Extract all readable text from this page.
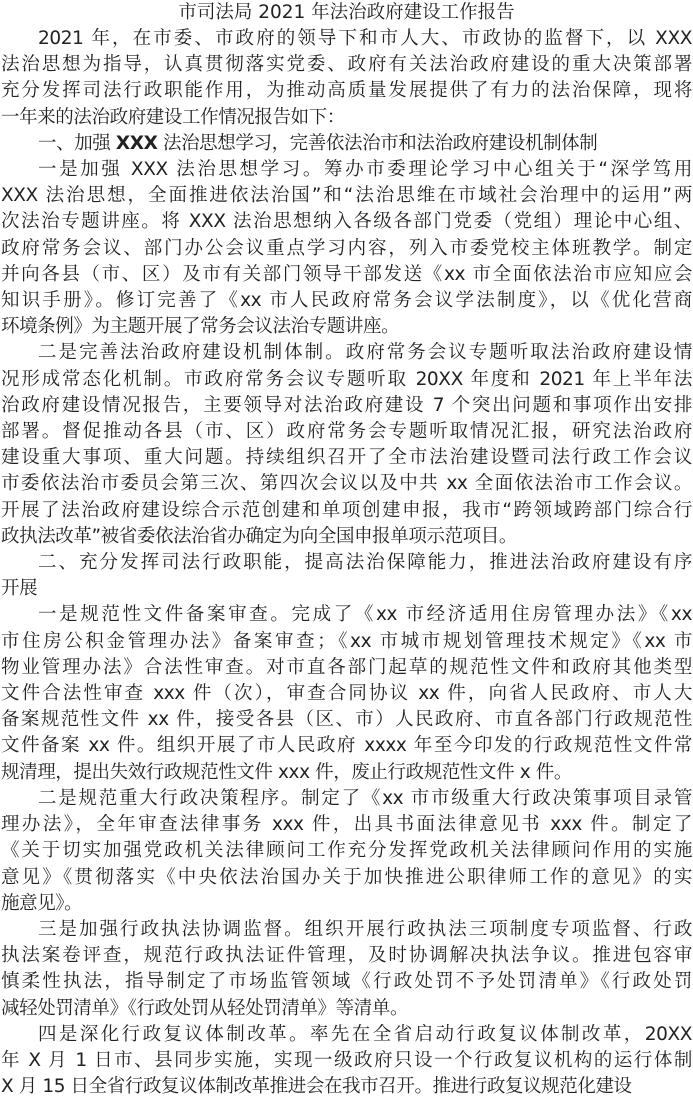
市司法局 2021 年法治政府建设工作报告

2021 年，在市委、市政府的领导下和市人大、市政协的监督下，以 XXX
法治思想为指导，认真贯彻落实党委、政府有关法治政府建设的重大决策部署
充分发挥司法行政职能作用，为推动高质量发展提供了有力的法治保障，现将
一年来的法治政府建设工作情况报告如下：

一、加强 XXX 法治思想学习，完善依法治市和法治政府建设机制体制

一是加强 XXX 法治思想学习。筹办市委理论学习中心组关于“深学笃用
XXX 法治思想，全面推进依法治国”和“法治思维在市域社会治理中的运用”两
次法治专题讲座。将 XXX 法治思想纳入各级各部门党委（党组）理论中心组、
政府常务会议、部门办公会议重点学习内容，列入市委党校主体班教学。制定
并向各县（市、区）及市有关部门领导干部发送《xx 市全面依法治市应知应会
知识手册》。修订完善了《xx 市人民政府常务会议学法制度》，以《优化营商
环境条例》为主题开展了常务会议法治专题讲座。

二是完善法治政府建设机制体制。政府常务会议专题听取法治政府建设情
况形成常态化机制。市政府常务会议专题听取 20XX 年度和 2021 年上半年法
治政府建设情况报告，主要领导对法治政府建设 7 个突出问题和事项作出安排
部署。督促推动各县（市、区）政府常务会专题听取情况汇报，研究法治政府
建设重大事项、重大问题。持续组织召开了全市法治建设暨司法行政工作会议
市委依法治市委员会第三次、第四次会议以及中共 xx 全面依法治市工作会议。
开展了法治政府建设综合示范创建和单项创建申报，我市“跨领域跨部门综合行
政执法改革”被省委依法治省办确定为向全国申报单项示范项目。

二、充分发挥司法行政职能，提高法治保障能力，推进法治政府建设有序
开展

一是规范性文件备案审查。完成了《xx 市经济适用住房管理办法》《xx
市住房公积金管理办法》备案审查；《xx 市城市规划管理技术规定》《xx 市
物业管理办法》合法性审查。对市直各部门起草的规范性文件和政府其他类型
文件合法性审查 xxx 件（次），审查合同协议 xx 件，向省人民政府、市人大
备案规范性文件 xx 件，接受各县（区、市）人民政府、市直各部门行政规范性
文件备案 xx 件。组织开展了市人民政府 xxxx 年至今印发的行政规范性文件常
规清理，提出失效行政规范性文件 xxx 件，废止行政规范性文件 x 件。

二是规范重大行政决策程序。制定了《xx 市市级重大行政决策事项目录管
理办法》，全年审查法律事务 xxx 件，出具书面法律意见书 xxx 件。制定了
《关于切实加强党政机关法律顾问工作充分发挥党政机关法律顾问作用的实施
意见》《贯彻落实《中央依法治国办关于加快推进公职律师工作的意见》的实
施意见》。

三是加强行政执法协调监督。组织开展行政执法三项制度专项监督、行政
执法案卷评查，规范行政执法证件管理，及时协调解决执法争议。推进包容审
慎柔性执法，指导制定了市场监管领域《行政处罚不予处罚清单》《行政处罚
减轻处罚清单》《行政处罚从轻处罚清单》等清单。

四是深化行政复议体制改革。率先在全省启动行政复议体制改革，20XX
年 X 月 1 日市、县同步实施，实现一级政府只设一个行政复议机构的运行体制
X 月 15 日全省行政复议体制改革推进会在我市召开。推进行政复议规范化建设
